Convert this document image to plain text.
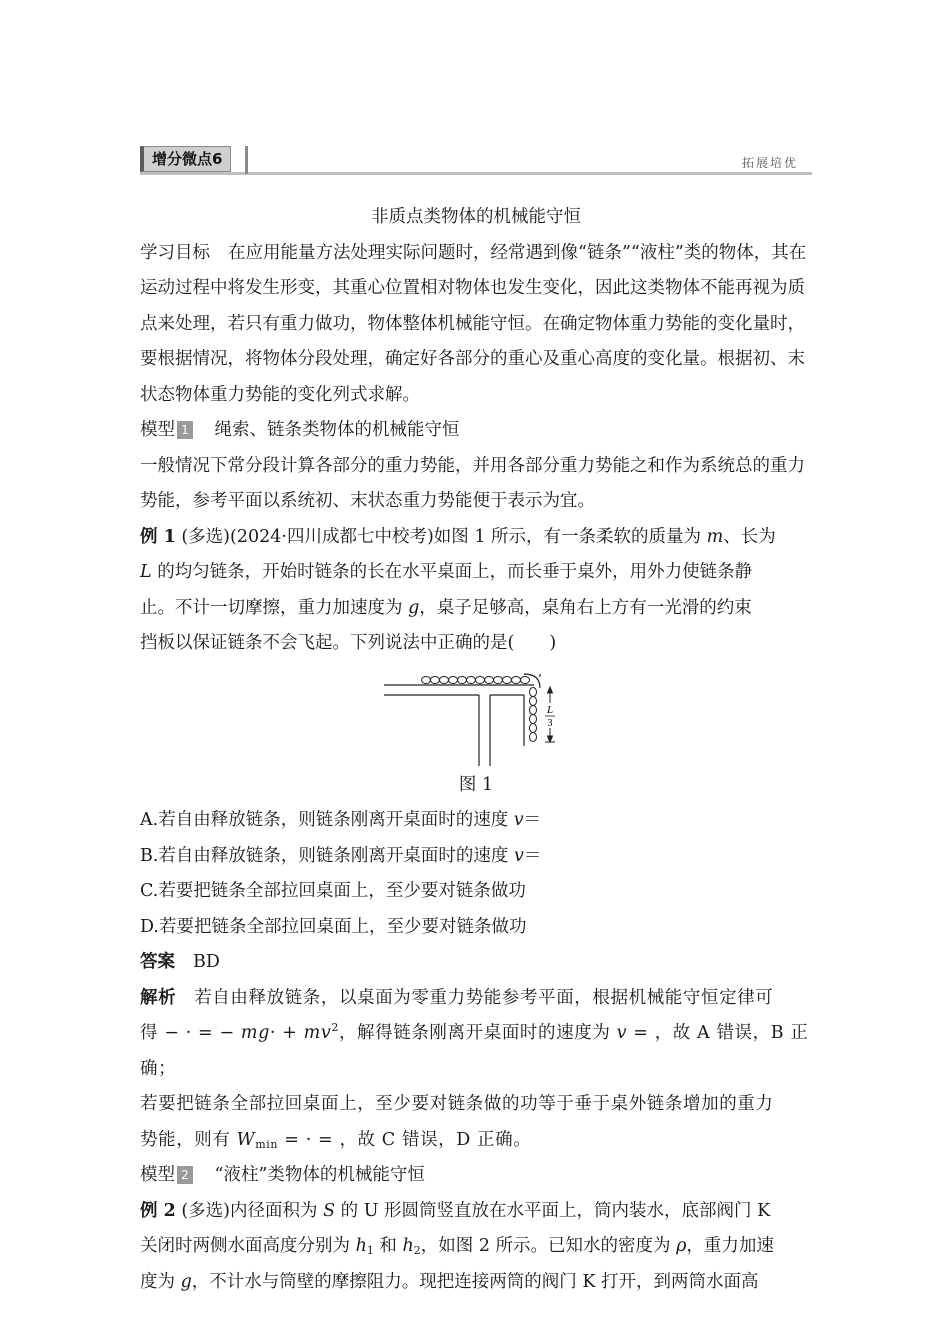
增分微点6	拓展培优

非质点类物体的机械能守恒

学习目标 在应用能量方法处理实际问题时，经常遇到像“链条”“液柱”类的物体，其在运动过程中将发生形变，其重心位置相对物体也发生变化，因此这类物体不能再视为质点来处理，若只有重力做功，物体整体机械能守恒。在确定物体重力势能的变化量时，要根据情况，将物体分段处理，确定好各部分的重心及重心高度的变化量。根据初、末状态物体重力势能的变化列式求解。

模型 1　 绳索、链条类物体的机械能守恒

一般情况下常分段计算各部分的重力势能，并用各部分重力势能之和作为系统总的重力势能，参考平面以系统初、末状态重力势能便于表示为宜。

例 1 (多选)(2024·四川成都七中校考)如图 1 所示，有一条柔软的质量为 m、长为

L 的均匀链条，开始时链条的长在水平桌面上，而长垂于桌外，用外力使链条静

止。不计一切摩擦，重力加速度为 g，桌子足够高，桌角右上方有一光滑的约束

挡板以保证链条不会飞起。下列说法中正确的是(　　)

L
3

图 1

A.若自由释放链条，则链条刚离开桌面时的速度 v＝

B.若自由释放链条，则链条刚离开桌面时的速度 v＝

C.若要把链条全部拉回桌面上，至少要对链条做功

D.若要把链条全部拉回桌面上，至少要对链条做功

答案 BD

解析 若自由释放链条，以桌面为零重力势能参考平面，根据机械能守恒定律可

得 − · = − $mg\cdot + mv^2$，解得链条刚离开桌面时的速度为 v = ，故 A 错误，B 正确；

若要把链条全部拉回桌面上，至少要对链条做的功等于垂于桌外链条增加的重力

势能，则有 $W_{min}$ = · = ，故 C 错误，D 正确。

模型 2　 “液柱”类物体的机械能守恒

例 2 (多选)内径面积为 S 的 U 形圆筒竖直放在水平面上，筒内装水，底部阀门 K

关闭时两侧水面高度分别为 $h_1$ 和 $h_2$，如图 2 所示。已知水的密度为 ρ，重力加速

度为 g，不计水与筒壁的摩擦阻力。现把连接两筒的阀门 K 打开，到两筒水面高
